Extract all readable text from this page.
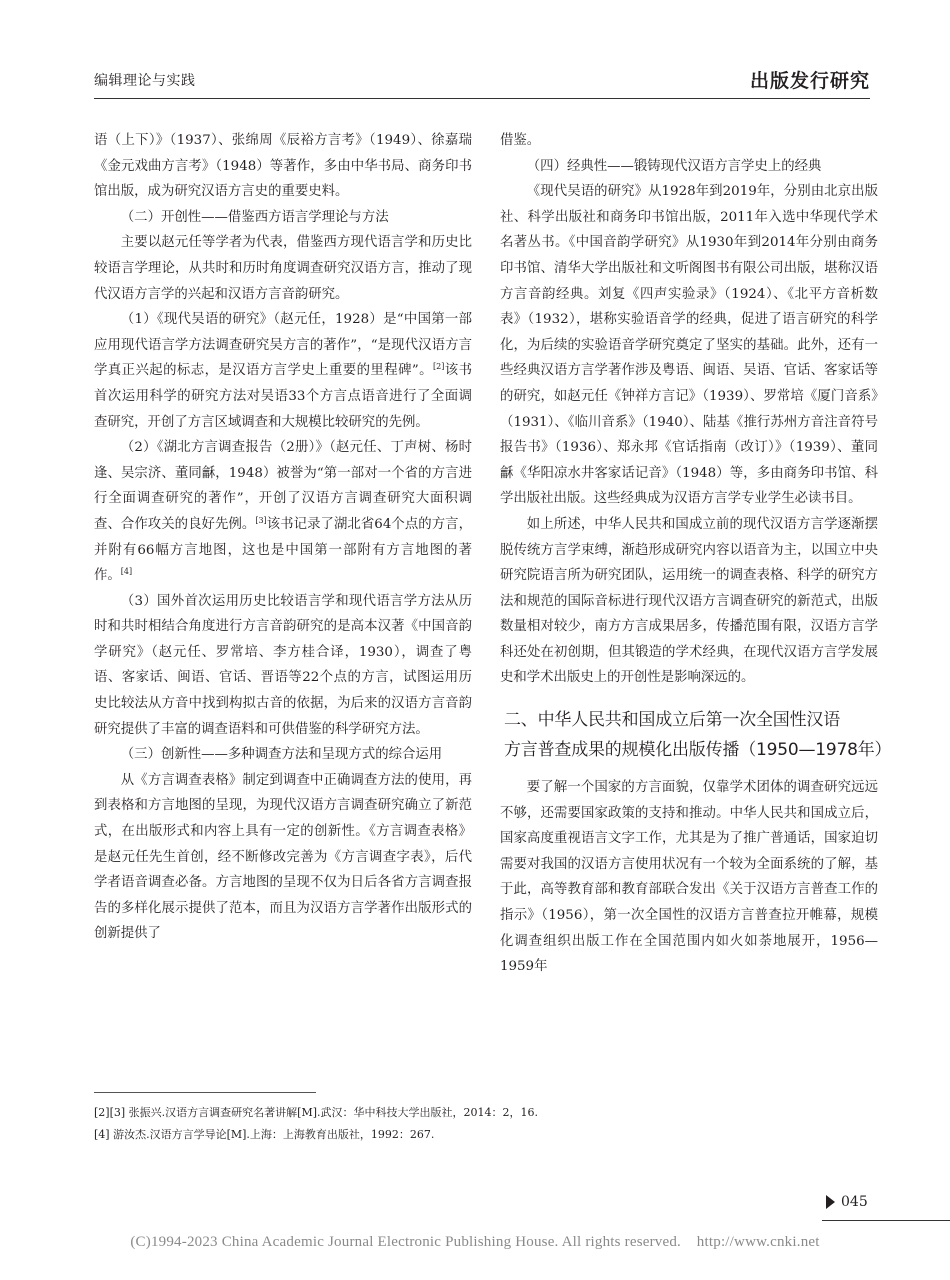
编辑理论与实践	出版发行研究

语（上下）》（1937）、张绵周《辰裕方言考》（1949）、徐嘉瑞《金元戏曲方言考》（1948）等著作，多由中华书局、商务印书馆出版，成为研究汉语方言史的重要史料。

（二）开创性——借鉴西方语言学理论与方法

主要以赵元任等学者为代表，借鉴西方现代语言学和历史比较语言学理论，从共时和历时角度调查研究汉语方言，推动了现代汉语方言学的兴起和汉语方言音韵研究。

（1）《现代吴语的研究》（赵元任，1928）是“中国第一部应用现代语言学方法调查研究吴方言的著作”，“是现代汉语方言学真正兴起的标志，是汉语方言学史上重要的里程碑”。[2]该书首次运用科学的研究方法对吴语33个方言点语音进行了全面调查研究，开创了方言区域调查和大规模比较研究的先例。

（2）《湖北方言调查报告（2册）》（赵元任、丁声树、杨时逢、吴宗济、董同龢，1948）被誉为“第一部对一个省的方言进行全面调查研究的著作”，开创了汉语方言调查研究大面积调查、合作攻关的良好先例。[3]该书记录了湖北省64个点的方言，并附有66幅方言地图，这也是中国第一部附有方言地图的著作。[4]

（3）国外首次运用历史比较语言学和现代语言学方法从历时和共时相结合角度进行方言音韵研究的是高本汉著《中国音韵学研究》（赵元任、罗常培、李方桂合译，1930），调查了粤语、客家话、闽语、官话、晋语等22个点的方言，试图运用历史比较法从方音中找到构拟古音的依据，为后来的汉语方言音韵研究提供了丰富的调查语料和可供借鉴的科学研究方法。

（三）创新性——多种调查方法和呈现方式的综合运用

从《方言调查表格》制定到调查中正确调查方法的使用，再到表格和方言地图的呈现，为现代汉语方言调查研究确立了新范式，在出版形式和内容上具有一定的创新性。《方言调查表格》是赵元任先生首创，经不断修改完善为《方言调查字表》，后代学者语音调查必备。方言地图的呈现不仅为日后各省方言调查报告的多样化展示提供了范本，而且为汉语方言学著作出版形式的创新提供了

借鉴。

（四）经典性——锻铸现代汉语方言学史上的经典

《现代吴语的研究》从1928年到2019年，分别由北京出版社、科学出版社和商务印书馆出版，2011年入选中华现代学术名著丛书。《中国音韵学研究》从1930年到2014年分别由商务印书馆、清华大学出版社和文听阁图书有限公司出版，堪称汉语方言音韵经典。刘复《四声实验录》（1924）、《北平方音析数表》（1932），堪称实验语音学的经典，促进了语言研究的科学化，为后续的实验语音学研究奠定了坚实的基础。此外，还有一些经典汉语方言学著作涉及粤语、闽语、吴语、官话、客家话等的研究，如赵元任《钟祥方言记》（1939）、罗常培《厦门音系》（1931）、《临川音系》（1940）、陆基《推行苏州方音注音符号报告书》（1936）、郑永邦《官话指南（改订）》（1939）、董同龢《华阳凉水井客家话记音》（1948）等，多由商务印书馆、科学出版社出版。这些经典成为汉语方言学专业学生必读书目。

如上所述，中华人民共和国成立前的现代汉语方言学逐渐摆脱传统方言学束缚，渐趋形成研究内容以语音为主，以国立中央研究院语言所为研究团队，运用统一的调查表格、科学的研究方法和规范的国际音标进行现代汉语方言调查研究的新范式，出版数量相对较少，南方方言成果居多，传播范围有限，汉语方言学科还处在初创期，但其锻造的学术经典，在现代汉语方言学发展史和学术出版史上的开创性是影响深远的。

二、中华人民共和国成立后第一次全国性汉语
方言普查成果的规模化出版传播（1950—1978年）

要了解一个国家的方言面貌，仅靠学术团体的调查研究远远不够，还需要国家政策的支持和推动。中华人民共和国成立后，国家高度重视语言文字工作，尤其是为了推广普通话，国家迫切需要对我国的汉语方言使用状况有一个较为全面系统的了解，基于此，高等教育部和教育部联合发出《关于汉语方言普查工作的指示》（1956），第一次全国性的汉语方言普查拉开帷幕，规模化调查组织出版工作在全国范围内如火如荼地展开，1956—1959年

[2][3] 张振兴.汉语方言调查研究名著讲解[M].武汉：华中科技大学出版社，2014：2，16.

[4] 游汝杰.汉语方言学导论[M].上海：上海教育出版社，1992：267.

045
(C)1994-2023 China Academic Journal Electronic Publishing House. All rights reserved.    http://www.cnki.net
